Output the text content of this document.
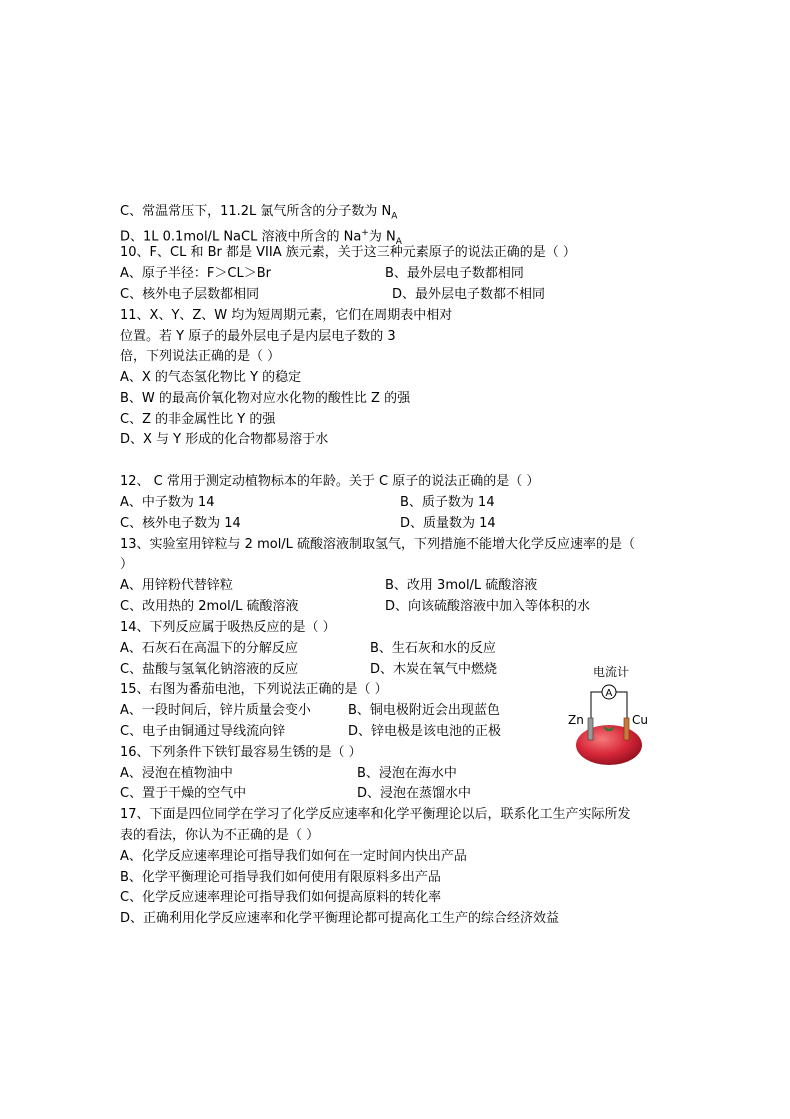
C、常温常压下，11.2L 氯气所含的分子数为 $N_A$
D、1L 0.1mol/L NaCL 溶液中所含的 Na+为 $N_A$
10、F、CL 和 Br 都是 VIIA 族元素，关于这三种元素原子的说法正确的是（ ）
A、原子半径：F＞CL＞Br	B、最外层电子数都相同
C、核外电子层数都相同	D、最外层电子数都不相同
11、X、Y、Z、W 均为短周期元素，它们在周期表中相对
位置。若 Y 原子的最外层电子是内层电子数的 3
倍，下列说法正确的是（ ）
A、X 的气态氢化物比 Y 的稳定
B、W 的最高价氧化物对应水化物的酸性比 Z 的强
C、Z 的非金属性比 Y 的强
D、X 与 Y 形成的化合物都易溶于水
12、 C 常用于测定动植物标本的年龄。关于 C 原子的说法正确的是（ ）
A、中子数为 14	B、质子数为 14
C、核外电子数为 14	D、质量数为 14
13、实验室用锌粒与 2 mol/L 硫酸溶液制取氢气，下列措施不能增大化学反应速率的是（
）
A、用锌粉代替锌粒	B、改用 3mol/L 硫酸溶液
C、改用热的 2mol/L 硫酸溶液	D、向该硫酸溶液中加入等体积的水
14、下列反应属于吸热反应的是（ ）
A、石灰石在高温下的分解反应	B、生石灰和水的反应
C、盐酸与氢氧化钠溶液的反应	D、木炭在氧气中燃烧
15、右图为番茄电池，下列说法正确的是（ ）
A、一段时间后，锌片质量会变小	B、铜电极附近会出现蓝色
C、电子由铜通过导线流向锌	D、锌电极是该电池的正极
16、下列条件下铁钉最容易生锈的是（ ）
A、浸泡在植物油中	B、浸泡在海水中
C、置于干燥的空气中	D、浸泡在蒸馏水中
17、下面是四位同学在学习了化学反应速率和化学平衡理论以后，联系化工生产实际所发
表的看法，你认为不正确的是（ ）
A、化学反应速率理论可指导我们如何在一定时间内快出产品
B、化学平衡理论可指导我们如何使用有限原料多出产品
C、化学反应速率理论可指导我们如何提高原料的转化率
D、正确利用化学反应速率和化学平衡理论都可提高化工生产的综合经济效益
电流计
A
Zn	Cu
